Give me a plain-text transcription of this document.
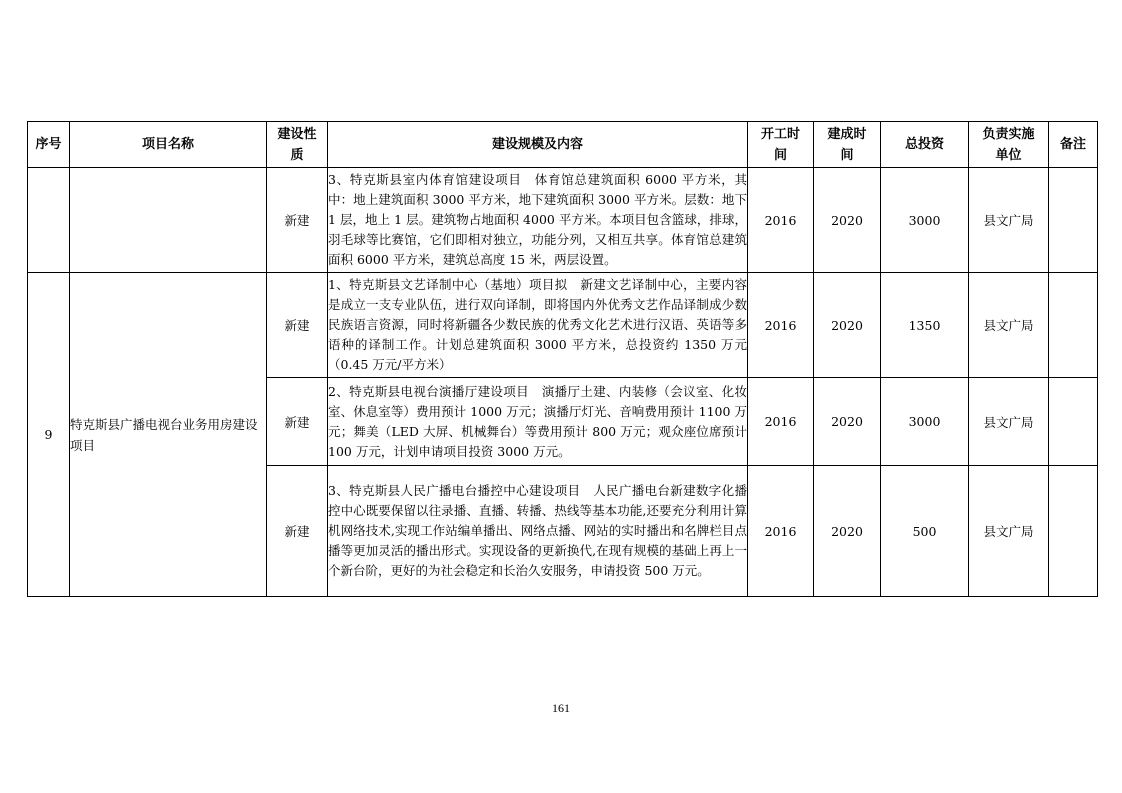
序号	项目名称	建设性质	建设规模及内容	开工时间	建成时间	总投资	负责实施单位	备注
		新建	3、特克斯县室内体育馆建设项目　体育馆总建筑面积 6000 平方米，其中：地上建筑面积 3000 平方米，地下建筑面积 3000 平方米。层数：地下 1 层，地上 1 层。建筑物占地面积 4000 平方米。本项目包含篮球，排球，羽毛球等比赛馆，它们即相对独立，功能分列，又相互共享。体育馆总建筑面积 6000 平方米，建筑总高度 15 米，两层设置。	2016	2020	3000	县文广局	
9	特克斯县广播电视台业务用房建设项目	新建	1、特克斯县文艺译制中心（基地）项目拟　新建文艺译制中心，主要内容是成立一支专业队伍，进行双向译制，即将国内外优秀文艺作品译制成少数民族语言资源，同时将新疆各少数民族的优秀文化艺术进行汉语、英语等多语种的译制工作。计划总建筑面积 3000 平方米，总投资约 1350 万元（0.45 万元/平方米）	2016	2020	1350	县文广局	
		新建	2、特克斯县电视台演播厅建设项目　演播厅土建、内装修（会议室、化妆室、休息室等）费用预计 1000 万元；演播厅灯光、音响费用预计 1100 万元；舞美（LED 大屏、机械舞台）等费用预计 800 万元；观众座位席预计 100 万元，计划申请项目投资 3000 万元。	2016	2020	3000	县文广局	
		新建	3、特克斯县人民广播电台播控中心建设项目　人民广播电台新建数字化播控中心既要保留以往录播、直播、转播、热线等基本功能,还要充分利用计算机网络技术,实现工作站编单播出、网络点播、网站的实时播出和名牌栏目点播等更加灵活的播出形式。实现设备的更新换代,在现有规模的基础上再上一个新台阶，更好的为社会稳定和长治久安服务，申请投资 500 万元。	2016	2020	500	县文广局	
161
